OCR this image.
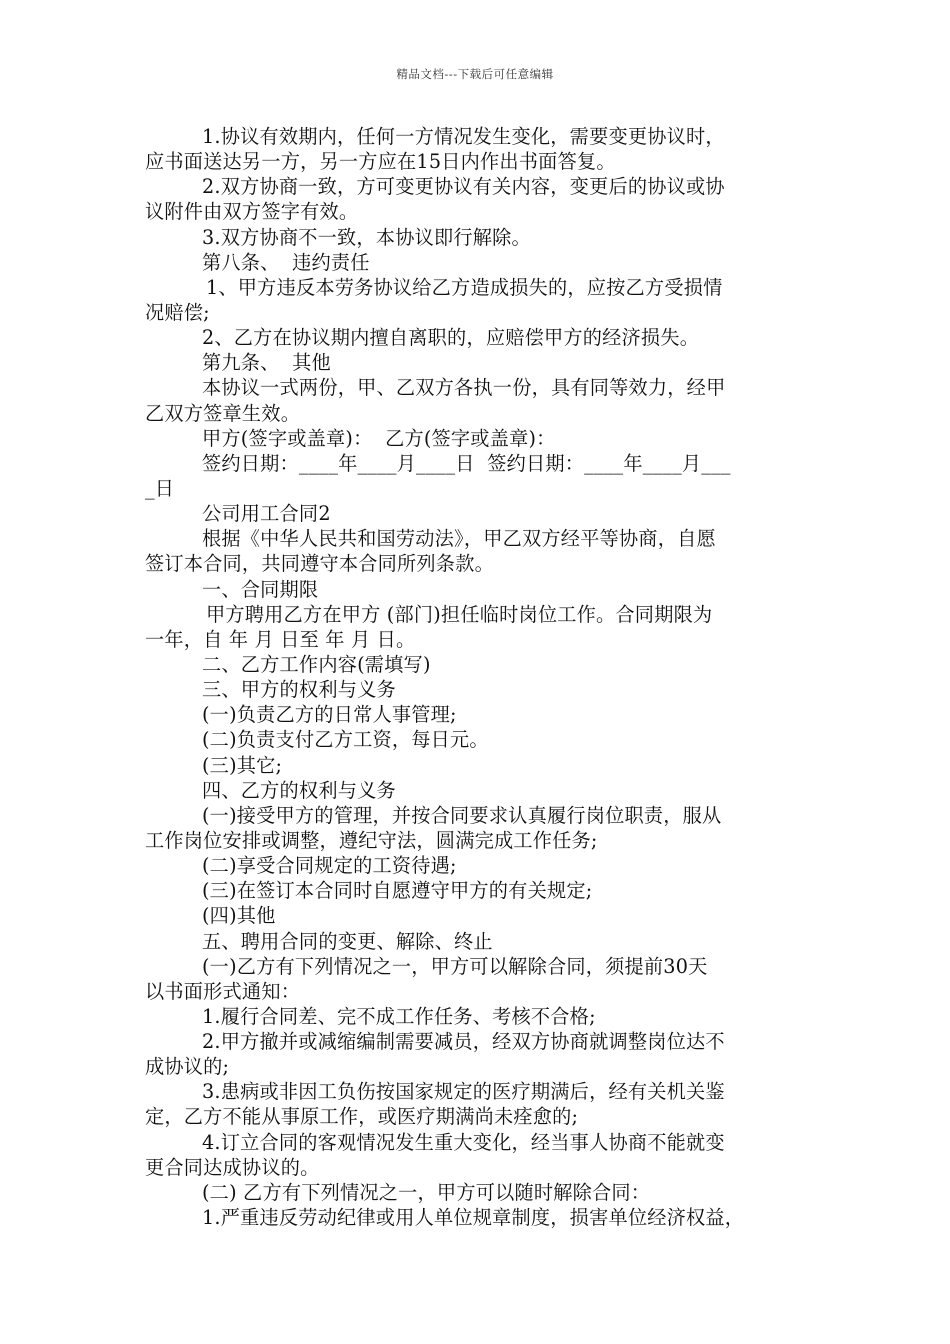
精品文档---下载后可任意编辑
1.协议有效期内，任何一方情况发生变化，需要变更协议时，
应书面送达另一方，另一方应在15日内作出书面答复。
2.双方协商一致，方可变更协议有关内容，变更后的协议或协
议附件由双方签字有效。
3.双方协商不一致，本协议即行解除。
第八条、  违约责任
1、甲方违反本劳务协议给乙方造成损失的，应按乙方受损情
况赔偿;
2、乙方在协议期内擅自离职的，应赔偿甲方的经济损失。
第九条、  其他
本协议一式两份，甲、乙双方各执一份，具有同等效力，经甲
乙双方签章生效。
甲方(签字或盖章)：  乙方(签字或盖章)：
签约日期：____年____月____日  签约日期：____年____月___
_日
公司用工合同2
根据《中华人民共和国劳动法》，甲乙双方经平等协商，自愿
签订本合同，共同遵守本合同所列条款。
一、合同期限
甲方聘用乙方在甲方 (部门)担任临时岗位工作。合同期限为
一年，自 年 月 日至 年 月 日。
二、乙方工作内容(需填写)
三、甲方的权利与义务
(一)负责乙方的日常人事管理;
(二)负责支付乙方工资，每日元。
(三)其它;
四、乙方的权利与义务
(一)接受甲方的管理，并按合同要求认真履行岗位职责，服从
工作岗位安排或调整，遵纪守法，圆满完成工作任务;
(二)享受合同规定的工资待遇;
(三)在签订本合同时自愿遵守甲方的有关规定;
(四)其他
五、聘用合同的变更、解除、终止
(一)乙方有下列情况之一，甲方可以解除合同，须提前30天
以书面形式通知：
1.履行合同差、完不成工作任务、考核不合格;
2.甲方撤并或减缩编制需要减员，经双方协商就调整岗位达不
成协议的;
3.患病或非因工负伤按国家规定的医疗期满后，经有关机关鉴
定，乙方不能从事原工作，或医疗期满尚未痊愈的;
4.订立合同的客观情况发生重大变化，经当事人协商不能就变
更合同达成协议的。
(二) 乙方有下列情况之一，甲方可以随时解除合同：
1.严重违反劳动纪律或用人单位规章制度，损害单位经济权益，
